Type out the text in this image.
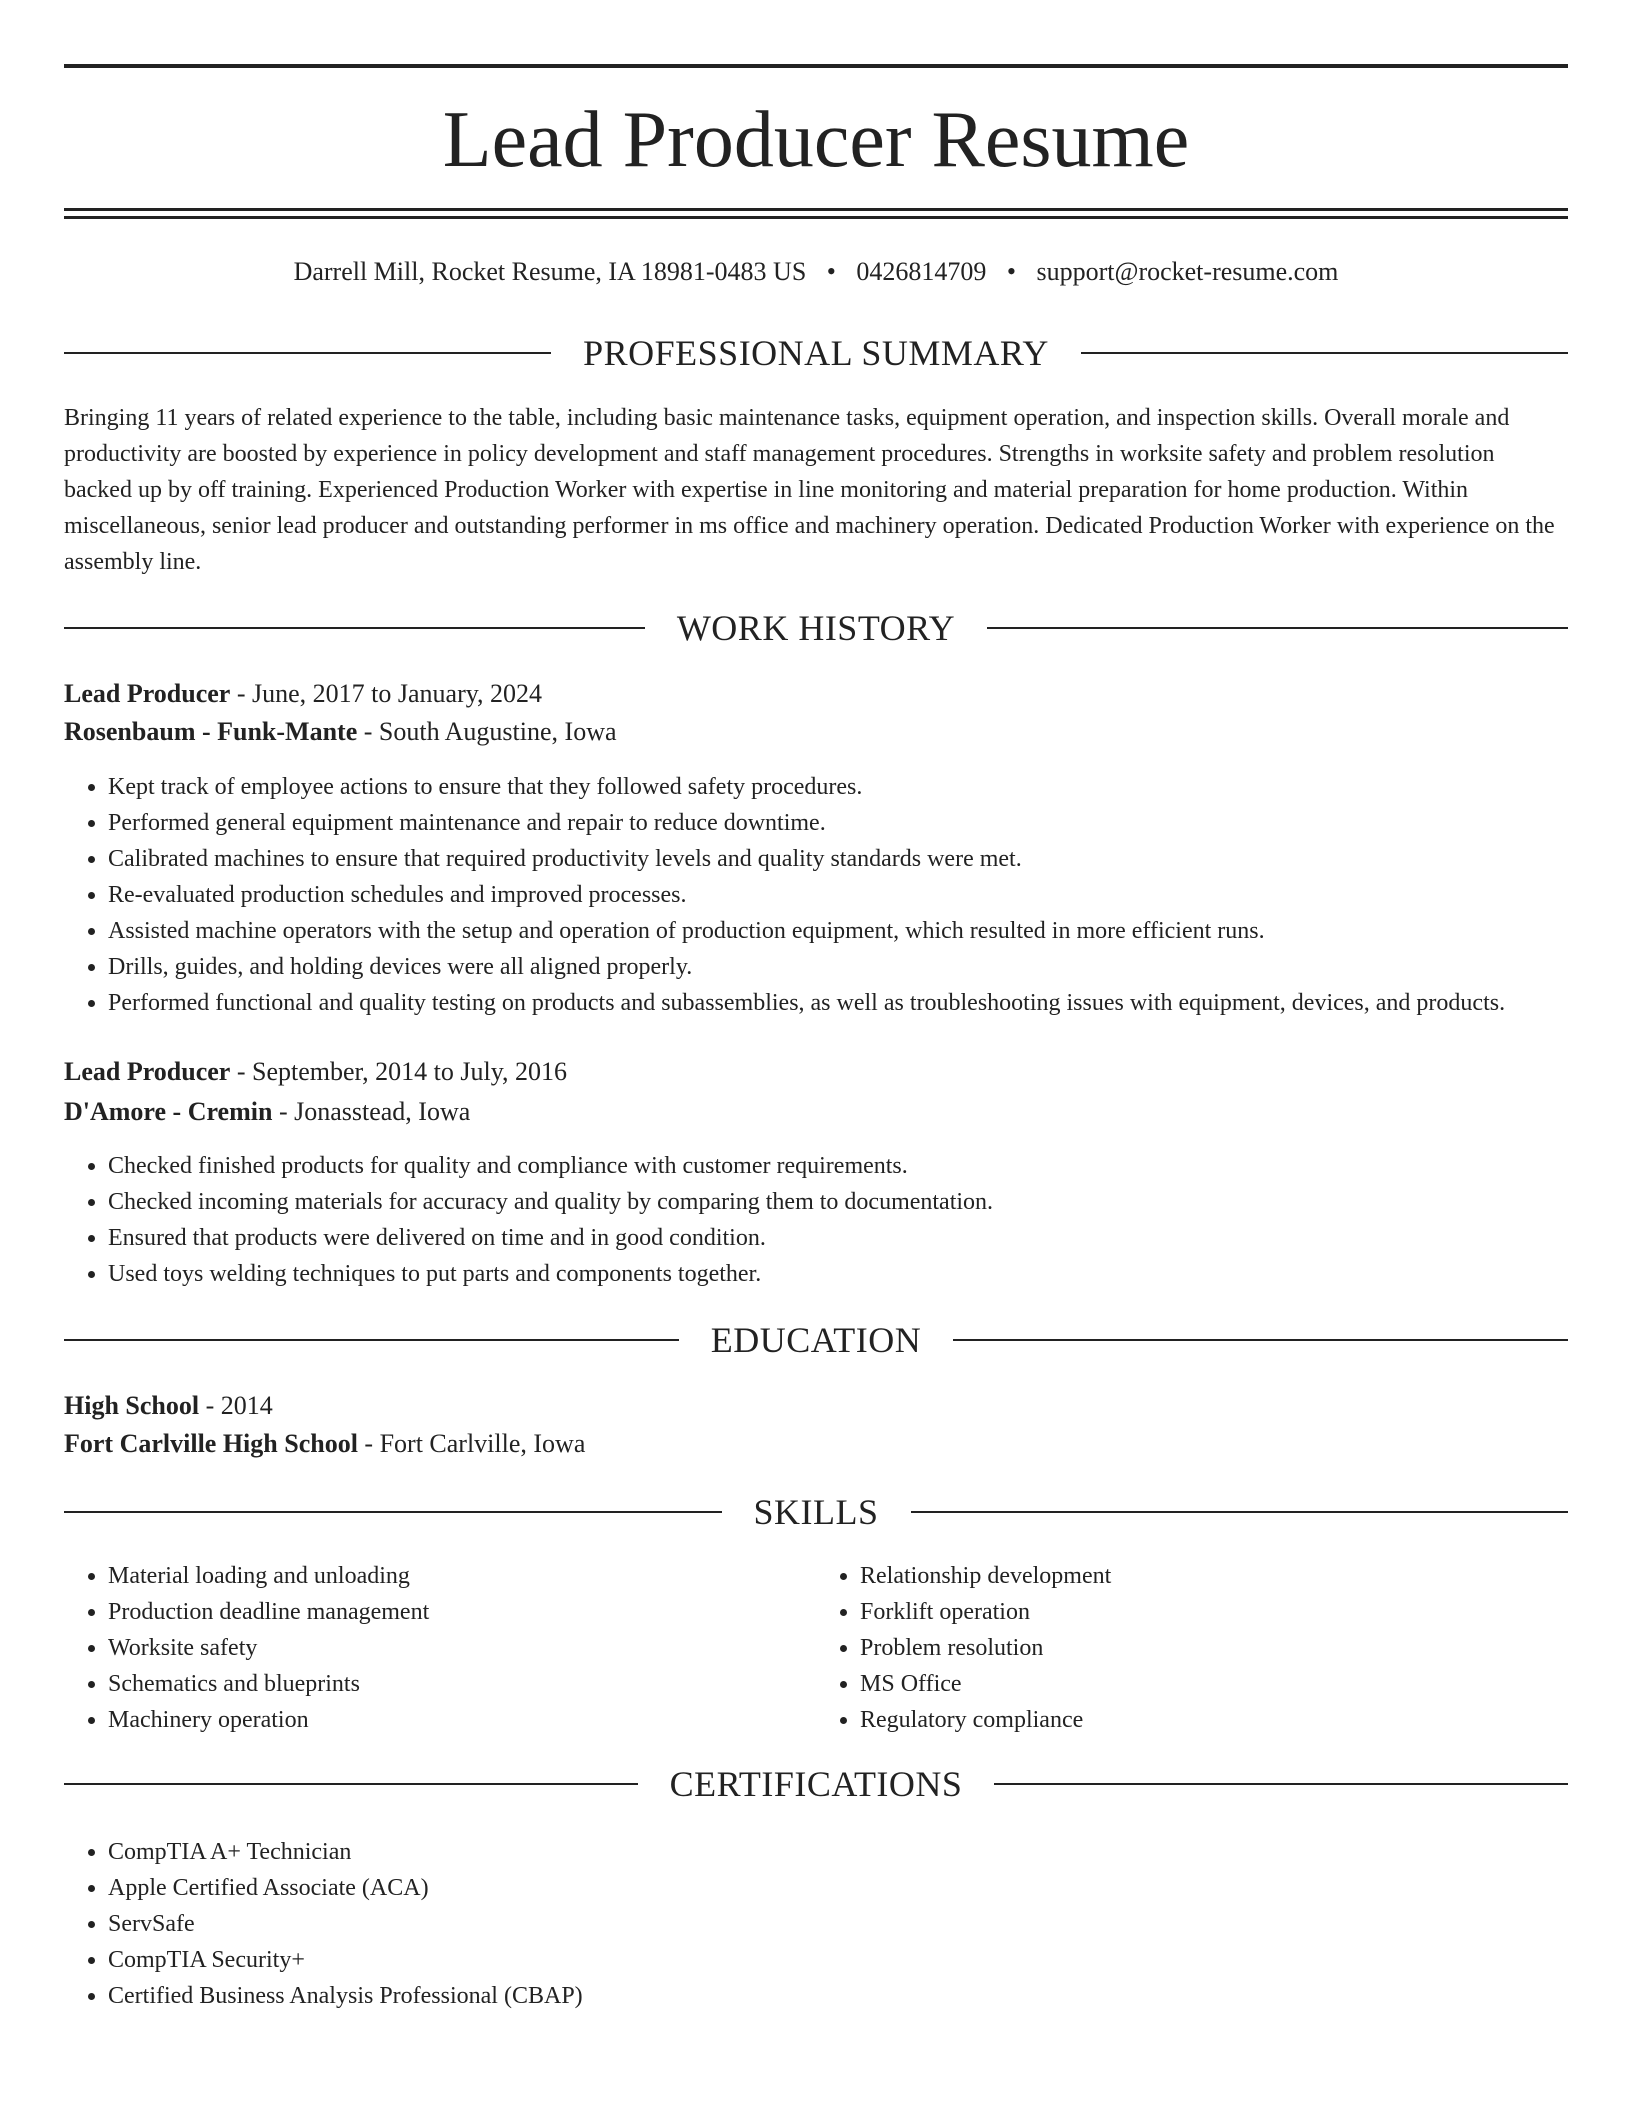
Lead Producer Resume
Darrell Mill, Rocket Resume, IA 18981-0483 US • 0426814709 • support@rocket-resume.com
PROFESSIONAL SUMMARY

Bringing 11 years of related experience to the table, including basic maintenance tasks, equipment operation, and inspection skills. Overall morale and productivity are boosted by experience in policy development and staff management procedures. Strengths in worksite safety and problem resolution backed up by off training. Experienced Production Worker with expertise in line monitoring and material preparation for home production. Within miscellaneous, senior lead producer and outstanding performer in ms office and machinery operation. Dedicated Production Worker with experience on the assembly line.

WORK HISTORY
Lead Producer - June, 2017 to January, 2024
Rosenbaum - Funk-Mante - South Augustine, Iowa
• Kept track of employee actions to ensure that they followed safety procedures.
• Performed general equipment maintenance and repair to reduce downtime.
• Calibrated machines to ensure that required productivity levels and quality standards were met.
• Re-evaluated production schedules and improved processes.
• Assisted machine operators with the setup and operation of production equipment, which resulted in more efficient runs.
• Drills, guides, and holding devices were all aligned properly.
• Performed functional and quality testing on products and subassemblies, as well as troubleshooting issues with equipment, devices, and products.
Lead Producer - September, 2014 to July, 2016
D'Amore - Cremin - Jonasstead, Iowa
• Checked finished products for quality and compliance with customer requirements.
• Checked incoming materials for accuracy and quality by comparing them to documentation.
• Ensured that products were delivered on time and in good condition.
• Used toys welding techniques to put parts and components together.
EDUCATION
High School - 2014
Fort Carlville High School - Fort Carlville, Iowa
SKILLS
• Material loading and unloading
• Production deadline management
• Worksite safety
• Schematics and blueprints
• Machinery operation
• Relationship development
• Forklift operation
• Problem resolution
• MS Office
• Regulatory compliance
CERTIFICATIONS
• CompTIA A+ Technician
• Apple Certified Associate (ACA)
• ServSafe
• CompTIA Security+
• Certified Business Analysis Professional (CBAP)
